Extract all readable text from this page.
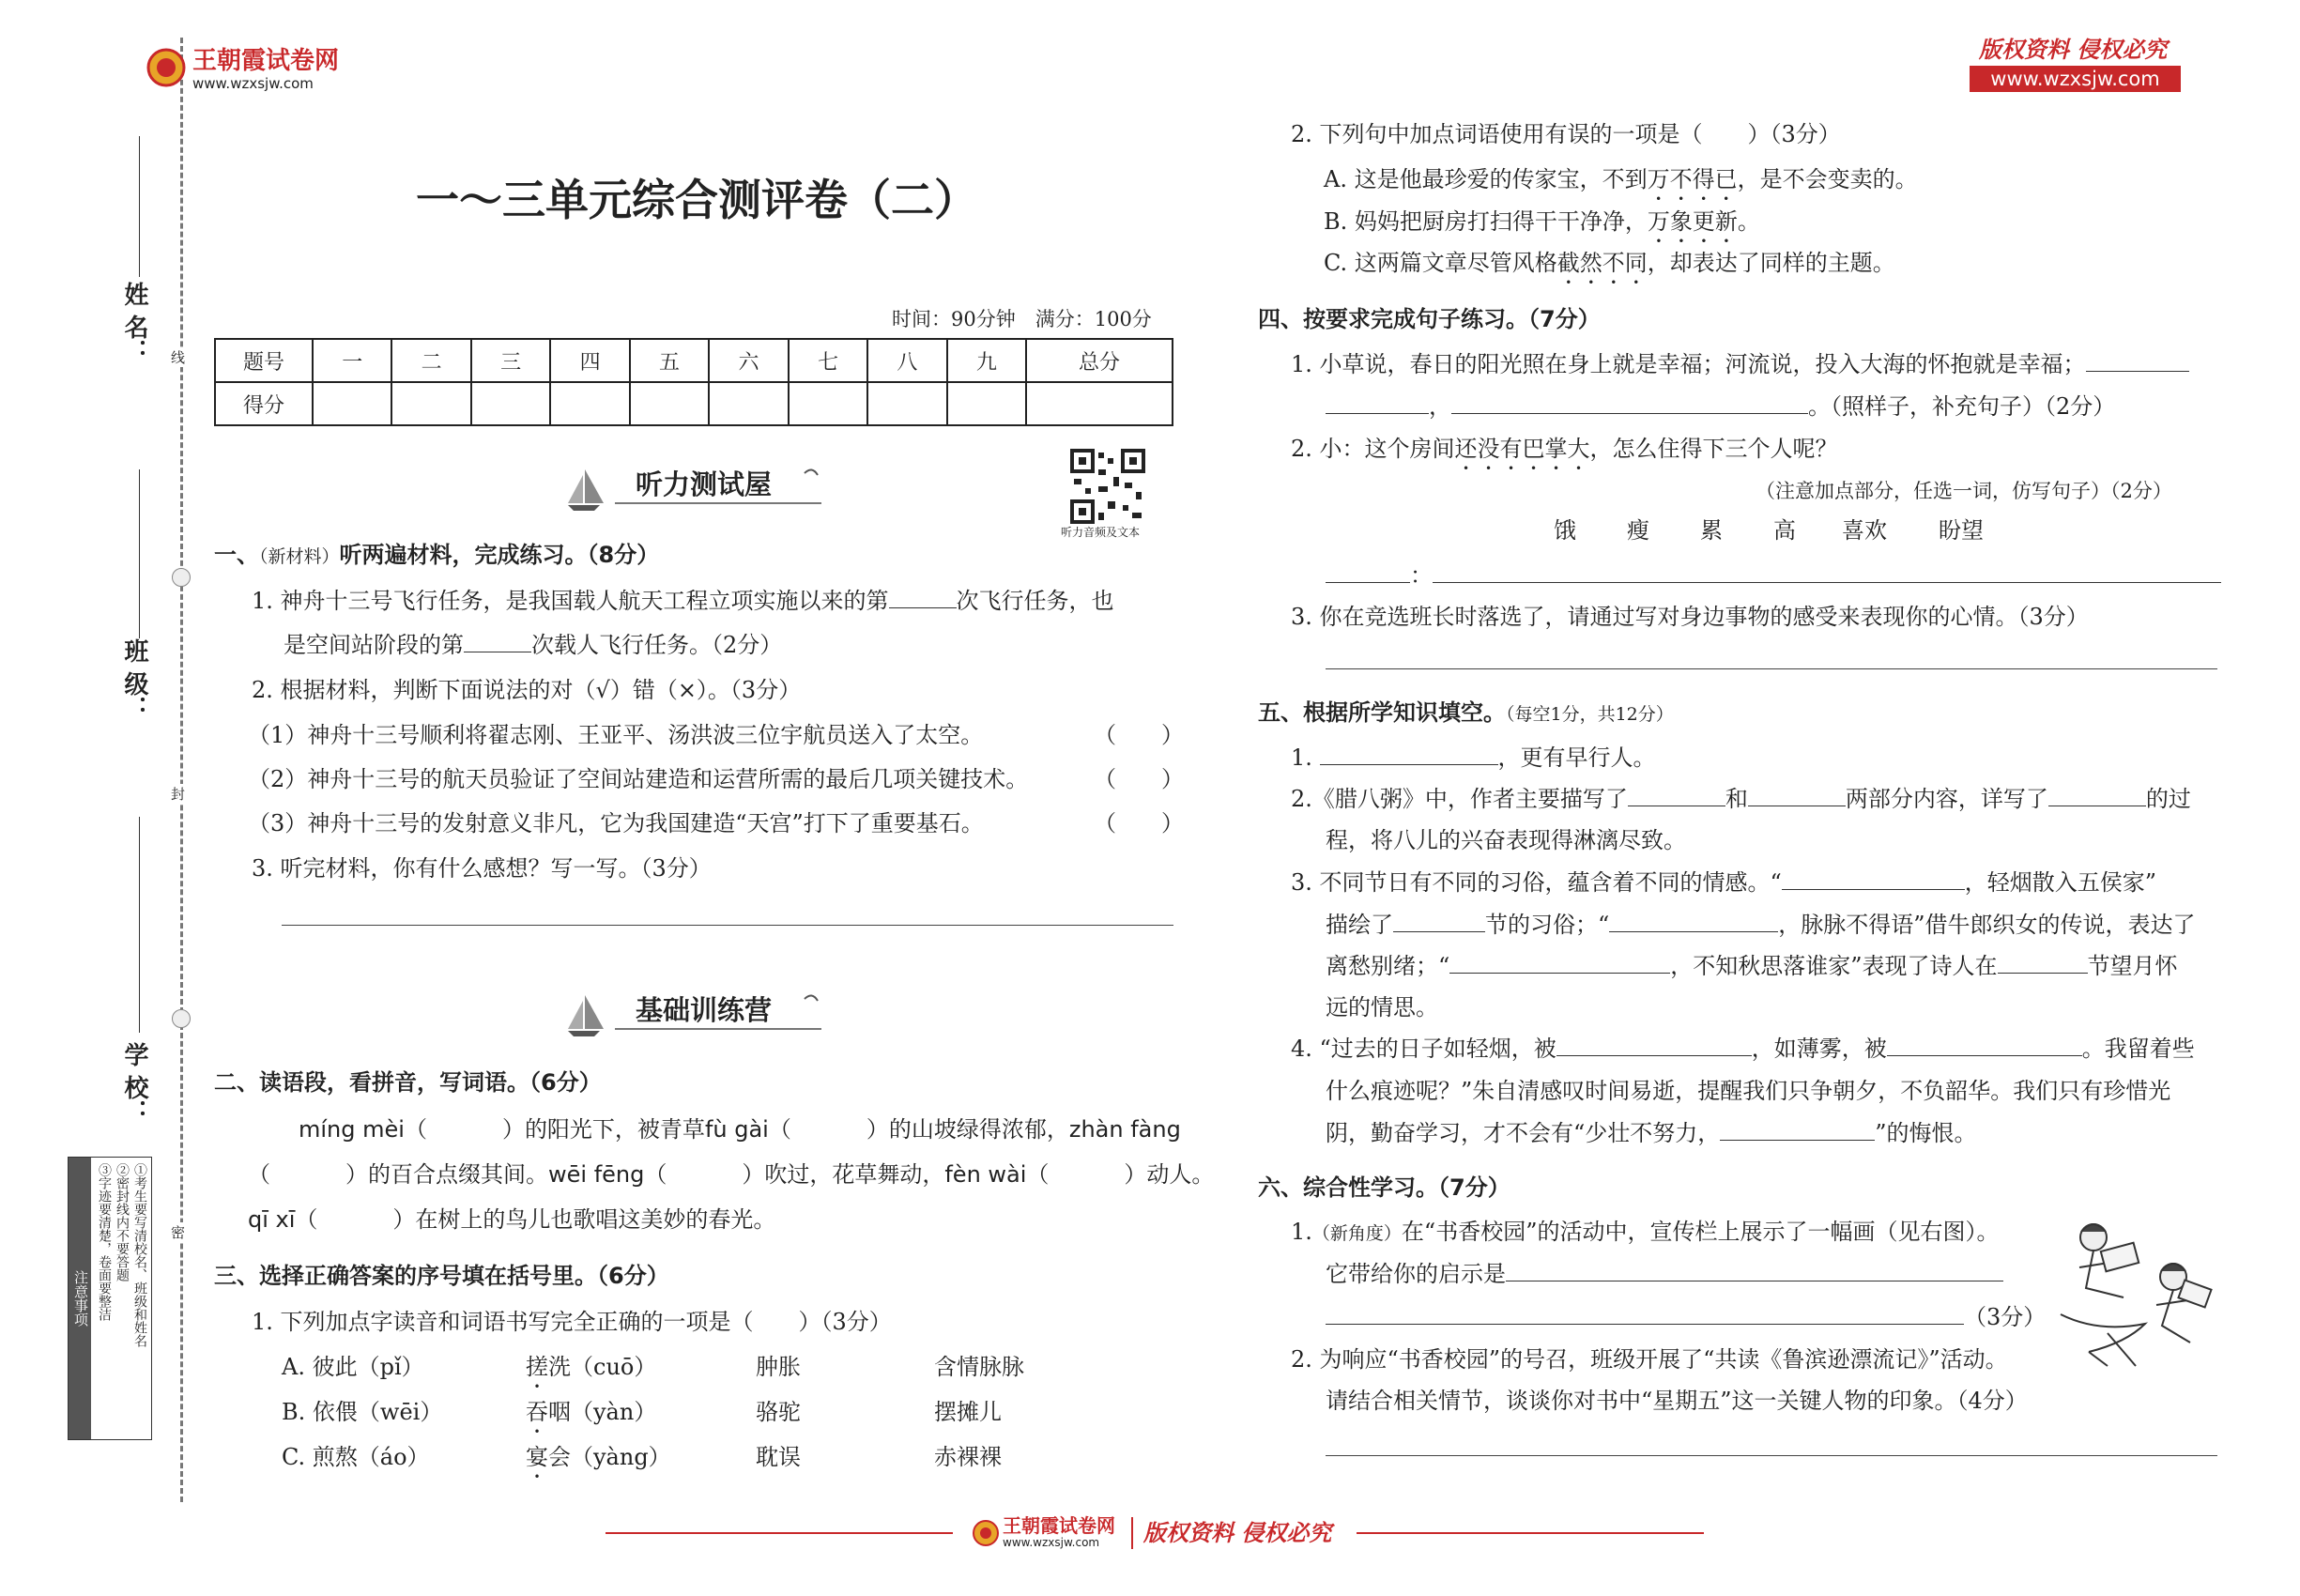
姓 名：
班 级：
学 校：
线
封
密
注意事项	①考生要写清校名、班级和姓名
②密封线内不要答题
③字迹要清楚，卷面要整洁
王朝霞试卷网
www.wzxsjw.com
版权资料 侵权必究
www.wzxsjw.com
一～三单元综合测评卷（二）
时间：90分钟　满分：100分
题号	一	二	三	四	五	六	七	八	九	总分
得分										
听力测试屋
听力音频及文本
一、（新材料）听两遍材料，完成练习。（8分）
1. 神舟十三号飞行任务，是我国载人航天工程立项实施以来的第	次飞行任务，也
是空间站阶段的第	次载人飞行任务。（2分）
2. 根据材料，判断下面说法的对（√）错（×）。（3分）
（1）神舟十三号顺利将翟志刚、王亚平、汤洪波三位宇航员送入了太空。	（　　）
（2）神舟十三号的航天员验证了空间站建造和运营所需的最后几项关键技术。	（　　）
（3）神舟十三号的发射意义非凡，它为我国建造“天宫”打下了重要基石。	（　　）
3. 听完材料，你有什么感想？写一写。（3分）
基础训练营
二、读语段，看拼音，写词语。（6分）
míng mèi（	）的阳光下，被青草fù gài（	）的山坡绿得浓郁，zhàn fàng
（	）的百合点缀其间。wēi fēng（	）吹过，花草舞动，fèn wài（	）动人。
qī xī（	）在树上的鸟儿也歌唱这美妙的春光。
三、选择正确答案的序号填在括号里。（6分）
1. 下列加点字读音和词语书写完全正确的一项是（　　）（3分）
A. 彼此（pǐ）	搓洗（cuō）	肿胀	含情脉脉
B. 依偎（wēi）	吞咽（yàn）	骆驼	摆摊儿
C. 煎熬（áo）	宴会（yàng）	耽误	赤裸裸
2. 下列句中加点词语使用有误的一项是（　　）（3分）
A. 这是他最珍爱的传家宝，不到万不得已，是不会变卖的。
B. 妈妈把厨房打扫得干干净净，万象更新。
C. 这两篇文章尽管风格截然不同，却表达了同样的主题。
四、按要求完成句子练习。（7分）
1. 小草说，春日的阳光照在身上就是幸福；河流说，投入大海的怀抱就是幸福；
，	。（照样子，补充句子）（2分）
2. 小：这个房间还没有巴掌大，怎么住得下三个人呢？
（注意加点部分，任选一词，仿写句子）（2分）
饿 瘦 累 高 喜欢 盼望
：
3. 你在竞选班长时落选了，请通过写对身边事物的感受来表现你的心情。（3分）
五、根据所学知识填空。（每空1分，共12分）
1.	，更有早行人。
2.《腊八粥》中，作者主要描写了	和	两部分内容，详写了	的过
程，将八儿的兴奋表现得淋漓尽致。
3. 不同节日有不同的习俗，蕴含着不同的情感。“	，轻烟散入五侯家”
描绘了	节的习俗；“	，脉脉不得语”借牛郎织女的传说，表达了
离愁别绪；“	，不知秋思落谁家”表现了诗人在	节望月怀
远的情思。
4. “过去的日子如轻烟，被	，如薄雾，被	。我留着些
什么痕迹呢？”朱自清感叹时间易逝，提醒我们只争朝夕，不负韶华。我们只有珍惜光
阴，勤奋学习，才不会有“少壮不努力，	”的悔恨。
六、综合性学习。（7分）
1.（新角度）在“书香校园”的活动中，宣传栏上展示了一幅画（见右图）。
它带给你的启示是
（3分）
2. 为响应“书香校园”的号召，班级开展了“共读《鲁滨逊漂流记》”活动。
请结合相关情节，谈谈你对书中“星期五”这一关键人物的印象。（4分）
王朝霞试卷网
www.wzxsjw.com 版权资料 侵权必究
